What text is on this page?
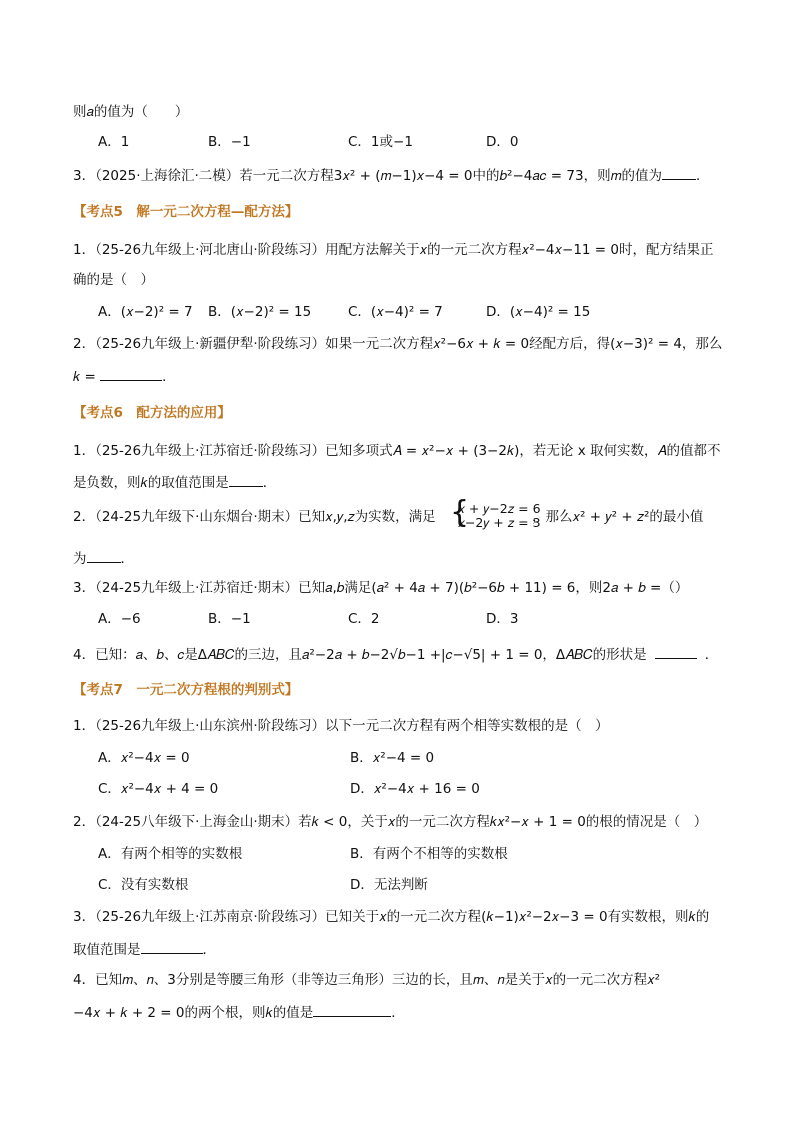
则𝑎的值为（　　）
A．1	B．−1	C．1或−1	D．0
3．（2025·上海徐汇·二模）若一元二次方程3𝑥² + (𝑚−1)𝑥−4 = 0中的𝑏²−4𝑎𝑐 = 73，则𝑚的值为	．
【考点5　解一元二次方程—配方法】
1．（25-26九年级上·河北唐山·阶段练习）用配方法解关于𝑥的一元二次方程𝑥²−4𝑥−11 = 0时，配方结果正
确的是（　）
A．(𝑥−2)² = 7 B．(𝑥−2)² = 15	C．(𝑥−4)² = 7	D．(𝑥−4)² = 15
2．（25-26九年级上·新疆伊犁·阶段练习）如果一元二次方程𝑥²−6𝑥 + 𝑘 = 0经配方后，得(𝑥−3)² = 4，那么
𝑘 =	．
【考点6　配方法的应用】
1．（25-26九年级上·江苏宿迁·阶段练习）已知多项式𝐴 = 𝑥²−𝑥 + (3−2𝑘)，若无论 x 取何实数，𝐴的值都不
是负数，则𝑘的取值范围是	．
2．（24-25九年级下·山东烟台·期末）已知𝑥,𝑦,𝑧为实数，满足 {
𝑥 + 𝑦−2𝑧 = 6
𝑥−2𝑦 + 𝑧 = 3
，那么𝑥² + 𝑦² + 𝑧²的最小值
为	．
3．（24-25九年级上·江苏宿迁·期末）已知𝑎,𝑏满足(𝑎² + 4𝑎 + 7)(𝑏²−6𝑏 + 11) = 6，则2𝑎 + 𝑏 =（）
A．−6	B．−1	C．2	D．3
4．已知：𝑎、𝑏、𝑐是Δ𝐴𝐵𝐶的三边，且𝑎²−2𝑎 + 𝑏−2√𝑏−1 +|𝑐−√5| + 1 = 0，Δ𝐴𝐵𝐶的形状是	．
【考点7　一元二次方程根的判别式】
1．（25-26九年级上·山东滨州·阶段练习）以下一元二次方程有两个相等实数根的是（　）
A．𝑥²−4𝑥 = 0	B．𝑥²−4 = 0
C．𝑥²−4𝑥 + 4 = 0	D．𝑥²−4𝑥 + 16 = 0
2．（24-25八年级下·上海金山·期末）若𝑘 < 0，关于𝑥的一元二次方程𝑘𝑥²−𝑥 + 1 = 0的根的情况是（　）
A．有两个相等的实数根	B．有两个不相等的实数根
C．没有实数根	D．无法判断
3．（25-26九年级上·江苏南京·阶段练习）已知关于𝑥的一元二次方程(𝑘−1)𝑥²−2𝑥−3 = 0有实数根，则𝑘的
取值范围是	．
4．已知𝑚、𝑛、3分别是等腰三角形（非等边三角形）三边的长，且𝑚、𝑛是关于𝑥的一元二次方程𝑥²
−4𝑥 + 𝑘 + 2 = 0的两个根，则𝑘的值是	．
